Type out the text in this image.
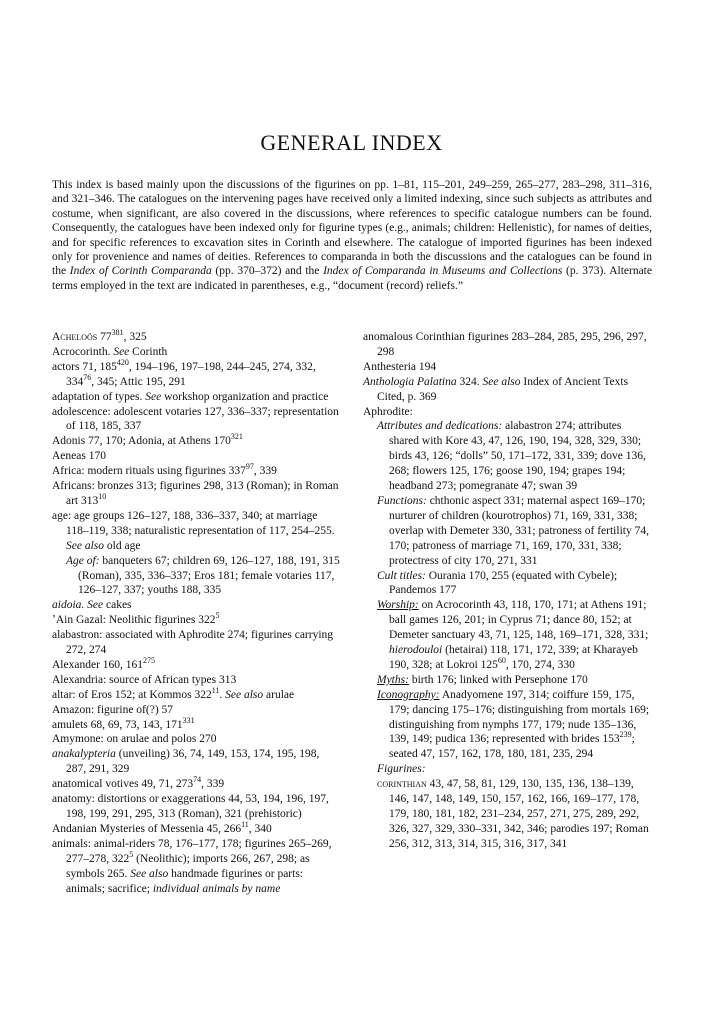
GENERAL INDEX

This index is based mainly upon the discussions of the figurines on pp. 1–81, 115–201, 249–259, 265–277, 283–298, 311–316, and 321–346. The catalogues on the intervening pages have received only a limited indexing, since such subjects as attributes and costume, when significant, are also covered in the discussions, where references to specific catalogue numbers can be found. Consequently, the catalogues have been indexed only for figurine types (e.g., animals; children: Hellenistic), for names of deities, and for specific references to excavation sites in Corinth and elsewhere. The catalogue of imported figurines has been indexed only for provenience and names of deities. References to comparanda in both the discussions and the catalogues can be found in the Index of Corinth Comparanda (pp. 370–372) and the Index of Comparanda in Museums and Collections (p. 373). Alternate terms employed in the text are indicated in parentheses, e.g., “document (record) reliefs.”

Acheloös $77^{381}$, 325
Acrocorinth. See Corinth
actors 71, $185^{420}$, 194–196, 197–198, 244–245, 274, 332, $334^{76}$, 345; Attic 195, 291
adaptation of types. See workshop organization and practice
adolescence: adolescent votaries 127, 336–337; representation of 118, 185, 337
Adonis 77, 170; Adonia, at Athens $170^{321}$
Aeneas 170
Africa: modern rituals using figurines $337^{97}$, 339
Africans: bronzes 313; figurines 298, 313 (Roman); in Roman art $313^{10}$
age: age groups 126–127, 188, 336–337, 340; at marriage 118–119, 338; naturalistic representation of 117, 254–255. See also old age
Age of: banqueters 67; children 69, 126–127, 188, 191, 315 (Roman), 335, 336–337; Eros 181; female votaries 117, 126–127, 337; youths 188, 335
aidoia. See cakes
ʼAin Gazal: Neolithic figurines $322^5$
alabastron: associated with Aphrodite 274; figurines carrying 272, 274
Alexander 160, $161^{275}$
Alexandria: source of African types 313
altar: of Eros 152; at Kommos $322^{11}$. See also arulae
Amazon: figurine of(?) 57
amulets 68, 69, 73, 143, $171^{331}$
Amymone: on arulae and polos 270
anakalypteria (unveiling) 36, 74, 149, 153, 174, 195, 198, 287, 291, 329
anatomical votives 49, 71, $273^{74}$, 339
anatomy: distortions or exaggerations 44, 53, 194, 196, 197, 198, 199, 291, 295, 313 (Roman), 321 (prehistoric)
Andanian Mysteries of Messenia 45, $266^{11}$, 340
animals: animal-riders 78, 176–177, 178; figurines 265–269, 277–278, $322^5$ (Neolithic); imports 266, 267, 298; as symbols 265. See also handmade figurines or parts: animals; sacrifice; individual animals by name
anomalous Corinthian figurines 283–284, 285, 295, 296, 297, 298
Anthesteria 194
Anthologia Palatina 324. See also Index of Ancient Texts Cited, p. 369
Aphrodite:
Attributes and dedications: alabastron 274; attributes shared with Kore 43, 47, 126, 190, 194, 328, 329, 330; birds 43, 126; “dolls” 50, 171–172, 331, 339; dove 136, 268; flowers 125, 176; goose 190, 194; grapes 194; headband 273; pomegranate 47; swan 39
Functions: chthonic aspect 331; maternal aspect 169–170; nurturer of children (kourotrophos) 71, 169, 331, 338; overlap with Demeter 330, 331; patroness of fertility 74, 170; patroness of marriage 71, 169, 170, 331, 338; protectress of city 170, 271, 331
Cult titles: Ourania 170, 255 (equated with Cybele); Pandemos 177
Worship: on Acrocorinth 43, 118, 170, 171; at Athens 191; ball games 126, 201; in Cyprus 71; dance 80, 152; at Demeter sanctuary 43, 71, 125, 148, 169–171, 328, 331; hierodouloi (hetairai) 118, 171, 172, 339; at Kharayeb 190, 328; at Lokroi $125^{60}$, 170, 274, 330
Myths: birth 176; linked with Persephone 170
Iconography: Anadyomene 197, 314; coiffure 159, 175, 179; dancing 175–176; distinguishing from mortals 169; distinguishing from nymphs 177, 179; nude 135–136, 139, 149; pudica 136; represented with brides $153^{239}$; seated 47, 157, 162, 178, 180, 181, 235, 294
Figurines:
corinthian 43, 47, 58, 81, 129, 130, 135, 136, 138–139, 146, 147, 148, 149, 150, 157, 162, 166, 169–177, 178, 179, 180, 181, 182, 231–234, 257, 271, 275, 289, 292, 326, 327, 329, 330–331, 342, 346; parodies 197; Roman 256, 312, 313, 314, 315, 316, 317, 341
